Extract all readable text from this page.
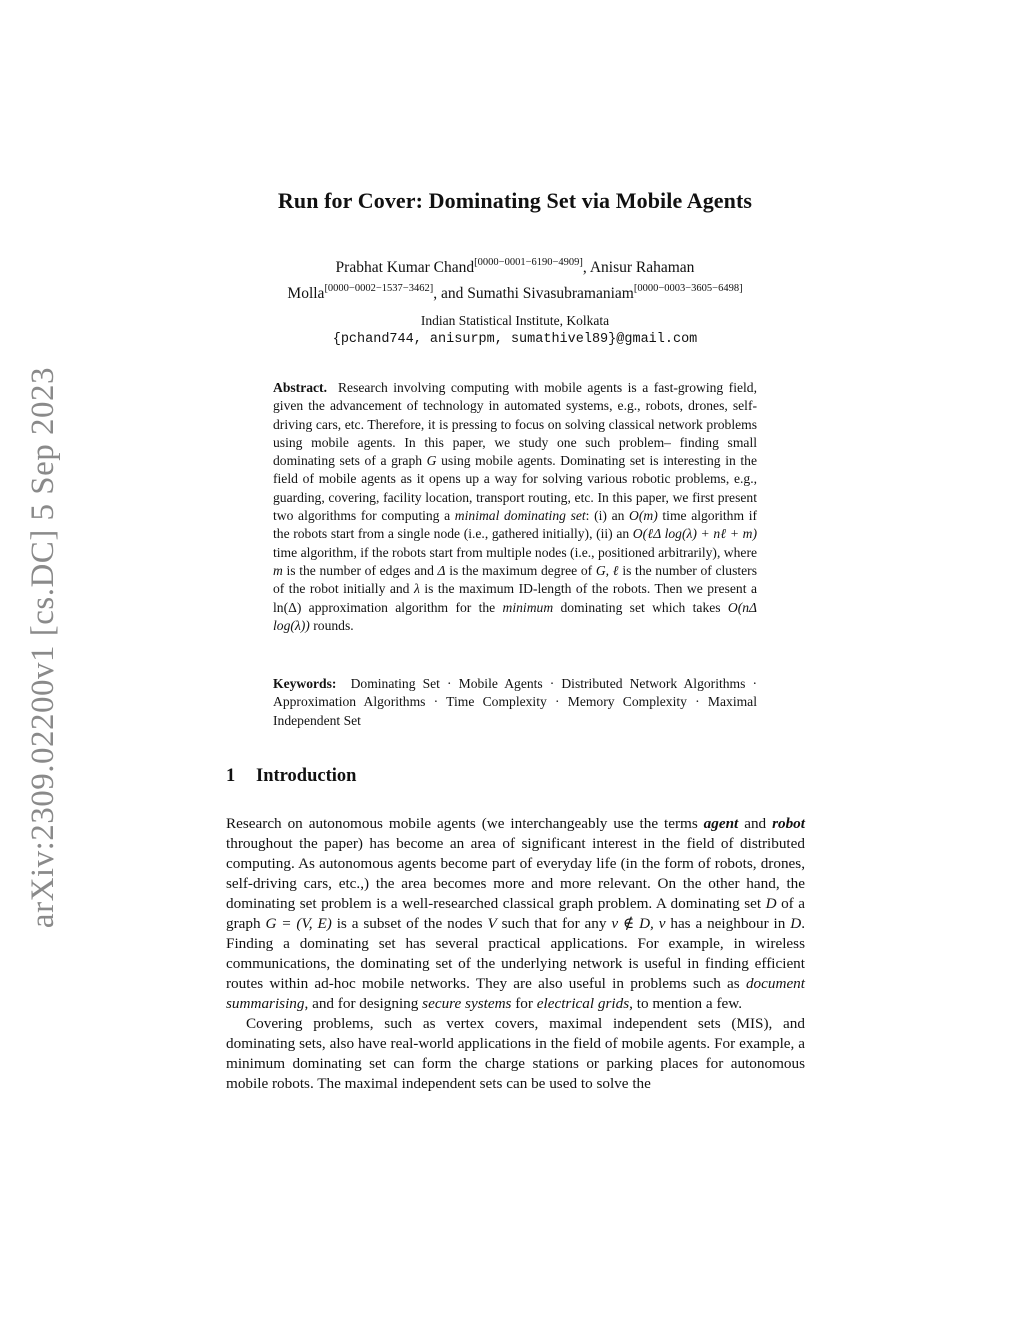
arXiv:2309.02200v1 [cs.DC] 5 Sep 2023
Run for Cover: Dominating Set via Mobile Agents
Prabhat Kumar Chand[0000−0001−6190−4909], Anisur Rahaman
Molla[0000−0002−1537−3462], and Sumathi Sivasubramaniam[0000−0003−3605−6498]
Indian Statistical Institute, Kolkata
{pchand744, anisurpm, sumathivel89}@gmail.com

Abstract. Research involving computing with mobile agents is a fast-growing field, given the advancement of technology in automated systems, e.g., robots, drones, self-driving cars, etc. Therefore, it is pressing to focus on solving classical network problems using mobile agents. In this paper, we study one such problem– finding small dominating sets of a graph G using mobile agents. Dominating set is interesting in the field of mobile agents as it opens up a way for solving various robotic problems, e.g., guarding, covering, facility location, transport routing, etc. In this paper, we first present two algorithms for computing a minimal dominating set: (i) an O(m) time algorithm if the robots start from a single node (i.e., gathered initially), (ii) an O(ℓΔ log(λ) + nℓ + m) time algorithm, if the robots start from multiple nodes (i.e., positioned arbitrarily), where m is the number of edges and Δ is the maximum degree of G, ℓ is the number of clusters of the robot initially and λ is the maximum ID-length of the robots. Then we present a ln(Δ) approximation algorithm for the minimum dominating set which takes O(nΔ log(λ)) rounds.

Keywords: Dominating Set · Mobile Agents · Distributed Network Algorithms · Approximation Algorithms · Time Complexity · Memory Complexity · Maximal Independent Set
1 Introduction

Research on autonomous mobile agents (we interchangeably use the terms agent and robot throughout the paper) has become an area of significant interest in the field of distributed computing. As autonomous agents become part of everyday life (in the form of robots, drones, self-driving cars, etc.,) the area becomes more and more relevant. On the other hand, the dominating set problem is a well-researched classical graph problem. A dominating set D of a graph G = (V, E) is a subset of the nodes V such that for any v ∉ D, v has a neighbour in D. Finding a dominating set has several practical applications. For example, in wireless communications, the dominating set of the underlying network is useful in finding efficient routes within ad-hoc mobile networks. They are also useful in problems such as document summarising, and for designing secure systems for electrical grids, to mention a few.

Covering problems, such as vertex covers, maximal independent sets (MIS), and dominating sets, also have real-world applications in the field of mobile agents. For example, a minimum dominating set can form the charge stations or parking places for autonomous mobile robots. The maximal independent sets can be used to solve the
